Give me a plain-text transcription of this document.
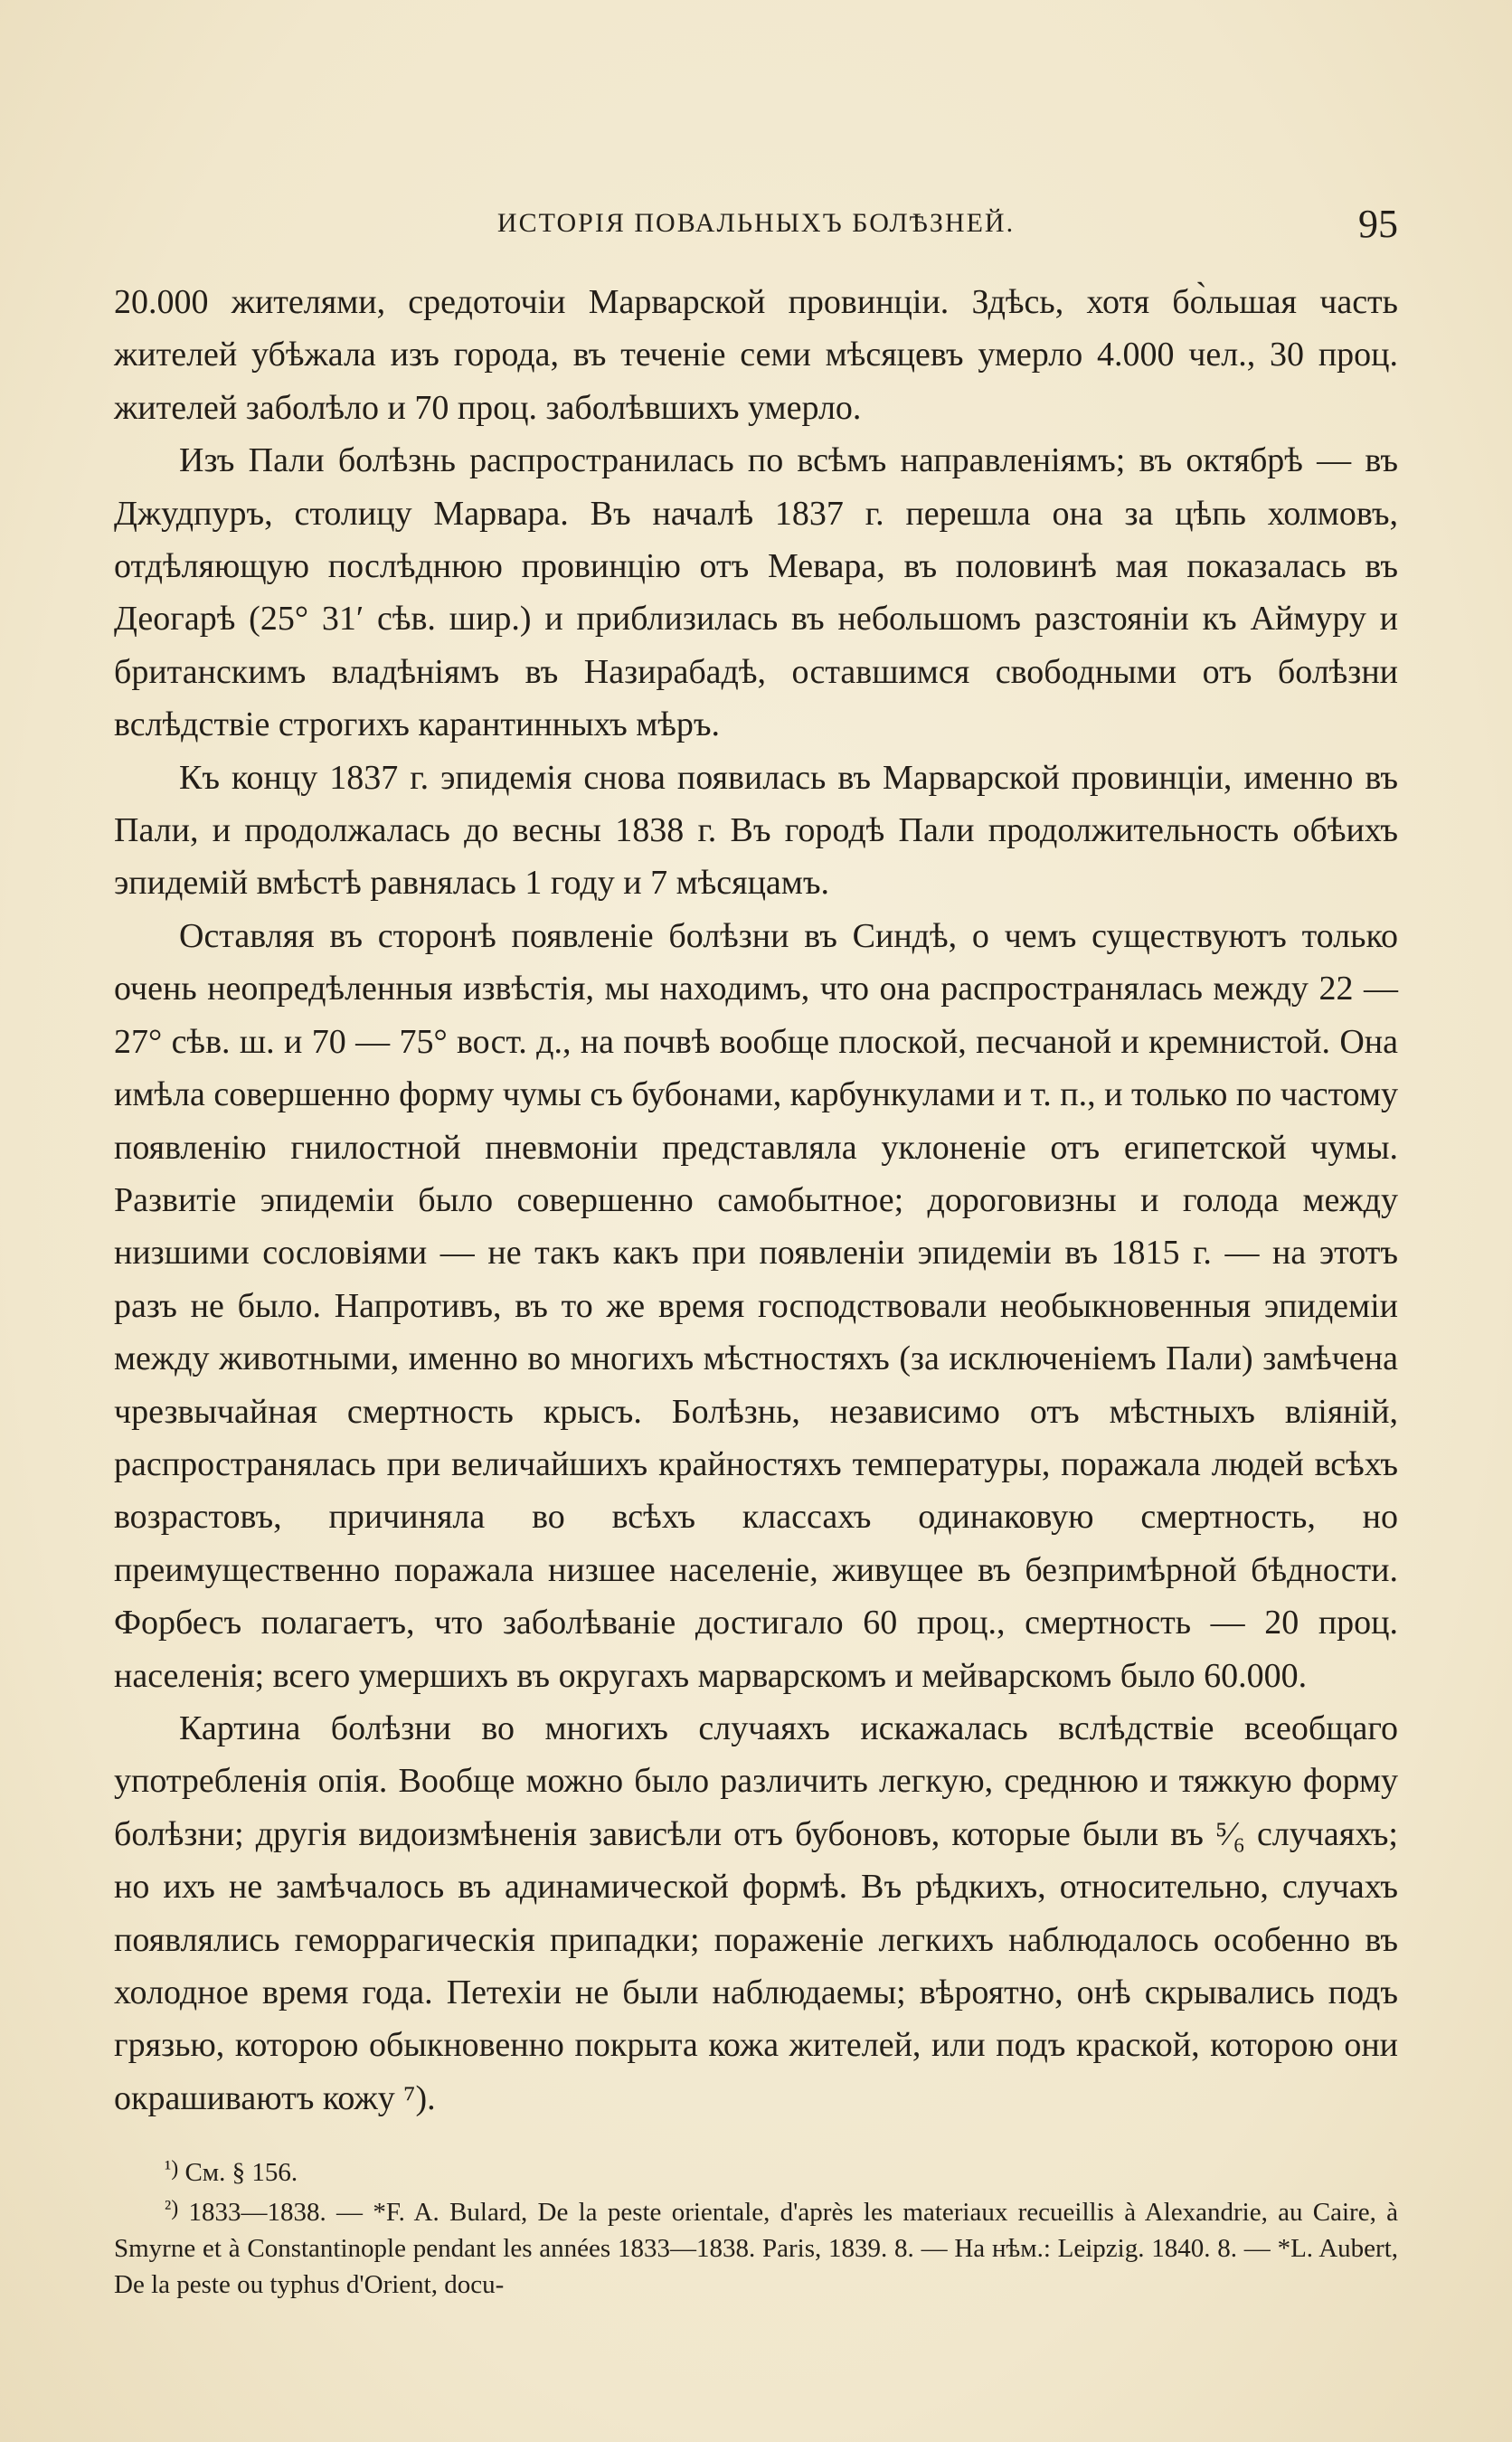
ИСТОРІЯ ПОВАЛЬНЫХЪ БОЛѢЗНЕЙ.	95

20.000 жителями, средоточіи Марварской провинціи. Здѣсь, хотя бо̀льшая часть жителей убѣжала изъ города, въ теченіе семи мѣсяцевъ умерло 4.000 чел., 30 проц. жителей заболѣло и 70 проц. заболѣвшихъ умерло.

Изъ Пали болѣзнь распространилась по всѣмъ направленіямъ; въ октябрѣ — въ Джудпуръ, столицу Марвара. Въ началѣ 1837 г. перешла она за цѣпь холмовъ, отдѣляющую послѣднюю провинцію отъ Мевара, въ половинѣ мая показалась въ Деогарѣ (25° 31′ сѣв. шир.) и приблизилась въ небольшомъ разстояніи къ Аймуру и британскимъ владѣніямъ въ Назирабадѣ, оставшимся свободными отъ болѣзни вслѣдствіе строгихъ карантинныхъ мѣръ.

Къ концу 1837 г. эпидемія снова появилась въ Марварской провинціи, именно въ Пали, и продолжалась до весны 1838 г. Въ городѣ Пали продолжительность обѣихъ эпидемій вмѣстѣ равнялась 1 году и 7 мѣсяцамъ.

Оставляя въ сторонѣ появленіе болѣзни въ Синдѣ, о чемъ существуютъ только очень неопредѣленныя извѣстія, мы находимъ, что она распространялась между 22 — 27° сѣв. ш. и 70 — 75° вост. д., на почвѣ вообще плоской, песчаной и кремнистой. Она имѣла совершенно форму чумы съ бубонами, карбункулами и т. п., и только по частому появленію гнилостной пневмоніи представляла уклоненіе отъ египетской чумы. Развитіе эпидеміи было совершенно самобытное; дороговизны и голода между низшими сословіями — не такъ какъ при появленіи эпидеміи въ 1815 г. — на этотъ разъ не было. Напротивъ, въ то же время господствовали необыкновенныя эпидеміи между животными, именно во многихъ мѣстностяхъ (за исключеніемъ Пали) замѣчена чрезвычайная смертность крысъ. Болѣзнь, независимо отъ мѣстныхъ вліяній, распространялась при величайшихъ крайностяхъ температуры, поражала людей всѣхъ возрастовъ, причиняла во всѣхъ классахъ одинаковую смертность, но преимущественно поражала низшее населеніе, живущее въ безпримѣрной бѣдности. Форбесъ полагаетъ, что заболѣваніе достигало 60 проц., смертность — 20 проц. населенія; всего умершихъ въ округахъ марварскомъ и мейварскомъ было 60.000.

Картина болѣзни во многихъ случаяхъ искажалась вслѣдствіе всеобщаго употребленія опія. Вообще можно было различить легкую, среднюю и тяжкую форму болѣзни; другія видоизмѣненія зависѣли отъ бубоновъ, которые были въ ⁵⁄₆ случаяхъ; но ихъ не замѣчалось въ адинамической формѣ. Въ рѣдкихъ, относительно, случахъ появлялись геморрагическія припадки; пораженіе легкихъ наблюдалось особенно въ холодное время года. Петехіи не были наблюдаемы; вѣроятно, онѣ скрывались подъ грязью, которою обыкновенно покрыта кожа жителей, или подъ краской, которою они окрашиваютъ кожу ⁷).

$^{^1)}$ См. § 156.

$^{^2)}$ 1833—1838. — *F. A. Bulard, De la peste orientale, d'après les materiaux recueillis à Alexandrie, au Caire, à Smyrne et à Constantinople pendant les années 1833—1838. Paris, 1839. 8. — На нѣм.: Leipzig. 1840. 8. — *L. Aubert, De la peste ou typhus d'Orient, docu-
